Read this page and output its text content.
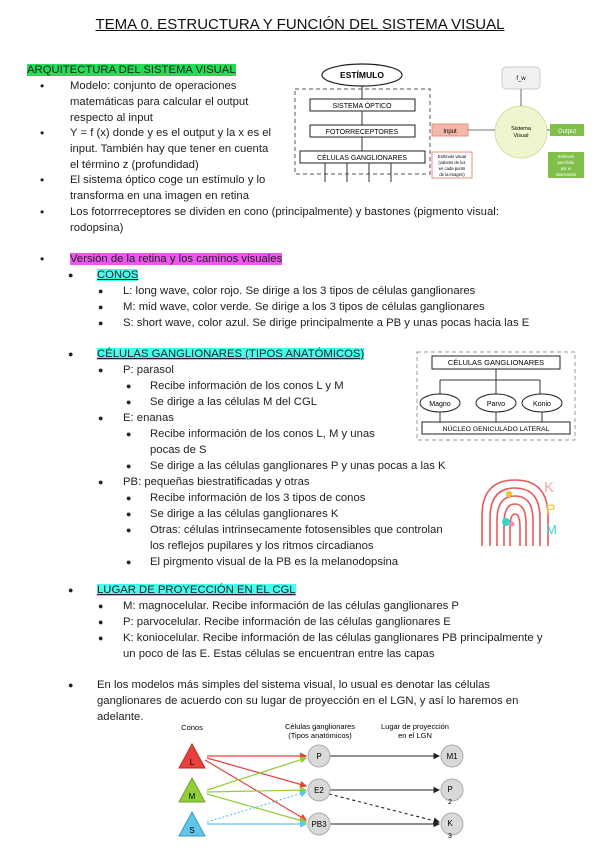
TEMA 0. ESTRUCTURA Y FUNCIÓN DEL SISTEMA VISUAL
ARQUITECTURA DEL SISTEMA VISUAL
• Modelo: conjunto de operaciones
matemáticas para calcular el output
respecto al input
• Y = f (x) donde y es el output y la x es el
input. También hay que tener en cuenta
el término z (profundidad)
• El sistema óptico coge un estímulo y lo
transforma en una imagen en retina
• Los fotorrreceptores se dividen en cono (principalmente) y bastones (pigmento visual:
rodopsina)
ESTÍMULO
SISTEMA ÓPTICO
FOTORRECEPTORES
CÉLULAS GANGLIONARES
Sistema
Visual
f_w
Input	Output
Estímulo visual
(valores de luz
en cada punto
de la imagen)
Estímulo
percibido
por el
observador
• Versión de la retina y los caminos visuales
● CONOS
● L: long wave, color rojo. Se dirige a los 3 tipos de células ganglionares
● M: mid wave, color verde. Se dirige a los 3 tipos de células ganglionares
● S: short wave, color azul. Se dirige principalmente a PB y unas pocas hacia las E
● CÉLULAS GANGLIONARES (TIPOS ANATÓMICOS)
● P: parasol
● Recibe información de los conos L y M
● Se dirige a las células M del CGL
● E: enanas
● Recibe información de los conos L, M y unas
pocas de S
● Se dirige a las células ganglionares P y unas pocas a las K
● PB: pequeñas biestratificadas y otras
● Recibe información de los 3 tipos de conos
● Se dirige a las células ganglionares K
● Otras: células intrinsecamente fotosensibles que controlan
los reflejos pupilares y los ritmos circadianos
● El pirgmento visual de la PB es la melanodopsina
CÉLULAS GANGLIONARES
Magno	Parvo	Konio
NÚCLEO GENICULADO LATERAL
K
P
M
● LUGAR DE PROYECCIÓN EN EL CGL
● M: magnocelular. Recibe información de las células ganglionares P
● P: parvocelular. Recibe información de las células ganglionares E
● K: koniocelular. Recibe información de las células ganglionares PB principalmente y
un poco de las E. Estas células se encuentran entre las capas
● En los modelos más simples del sistema visual, lo usual es denotar las células
ganglionares de acuerdo con su lugar de proyección en el LGN, y así lo haremos en
adelante.
Conos	Células ganglionares
(Tipos anatómicos)
Lugar de proyección
en el LGN
L
M
S
P
E2
PB3
M1
P
2
K
3
